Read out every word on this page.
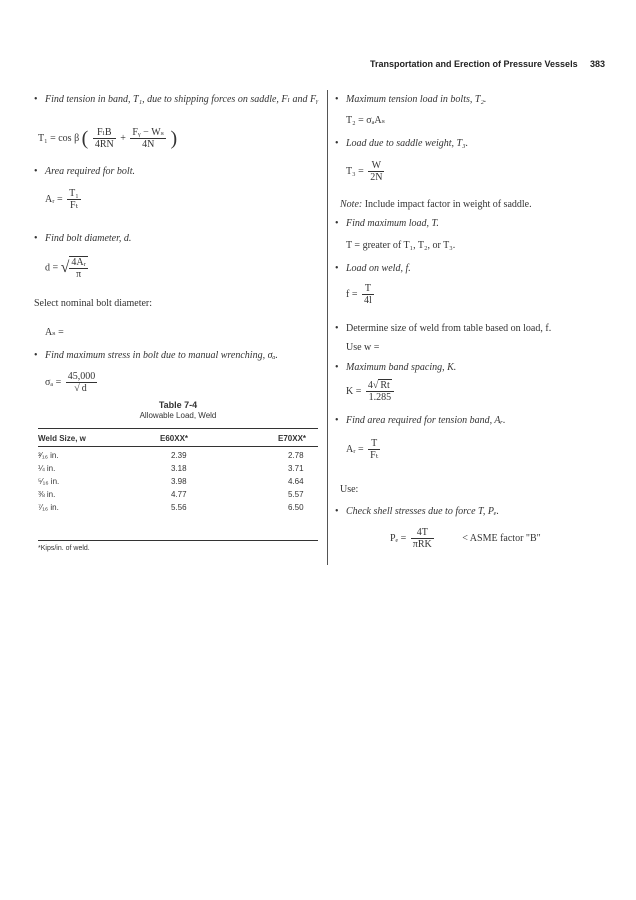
Transportation and Erection of Pressure Vessels 383
• Find tension in band, T₁, due to shipping forces on saddle, Fₗ and Fᵧ
T₁ = cos β ( $\frac{\text{FₗB}}{4RN} + \frac{\text{Fᵧ − Wₛ}}{4N}$ )
• Area required for bolt.
Aᵣ = $\frac{\text{T₁}}{\text{Fₜ}}$
• Find bolt diameter, d.
d = √ $\frac{\text{4Aᵣ}}{\pi}$
Select nominal bolt diameter:
Aₛ =
• Find maximum stress in bolt due to manual wrenching, σₐ.
$\sigma_a = \frac{45,000}{√ d}$
Table 7-4
Allowable Load, Weld
Weld Size, w	E60XX*	E70XX*
³⁄₁₆ in.	2.39	2.78
¼ in.	3.18	3.71
⁵⁄₁₆ in.	3.98	4.64
⅜ in.	4.77	5.57
⁷⁄₁₆ in.	5.56	6.50
*Kips/in. of weld.
• Maximum tension load in bolts, T₂.
T₂ = σₐAₛ
• Load due to saddle weight, T₃.
$T_3 = \frac{W}{2N}$
Note: Include impact factor in weight of saddle.
• Find maximum load, T.
T = greater of T₁, T₂, or T₃.
• Load on weld, f.
$f = \frac{T}{4l}$
• Determine size of weld from table based on load, f.
Use w =
• Maximum band spacing, K.
$K = \frac{4√ Rt}{1.285}$
• Find area required for tension band, Aᵣ.
Aᵣ = $\frac{T}{\text{Fₜ}}$
Use:
• Check shell stresses due to force T, Pₑ.
$P_e = \frac{4T}{\text{πRK}}$	< ASME factor "B"
